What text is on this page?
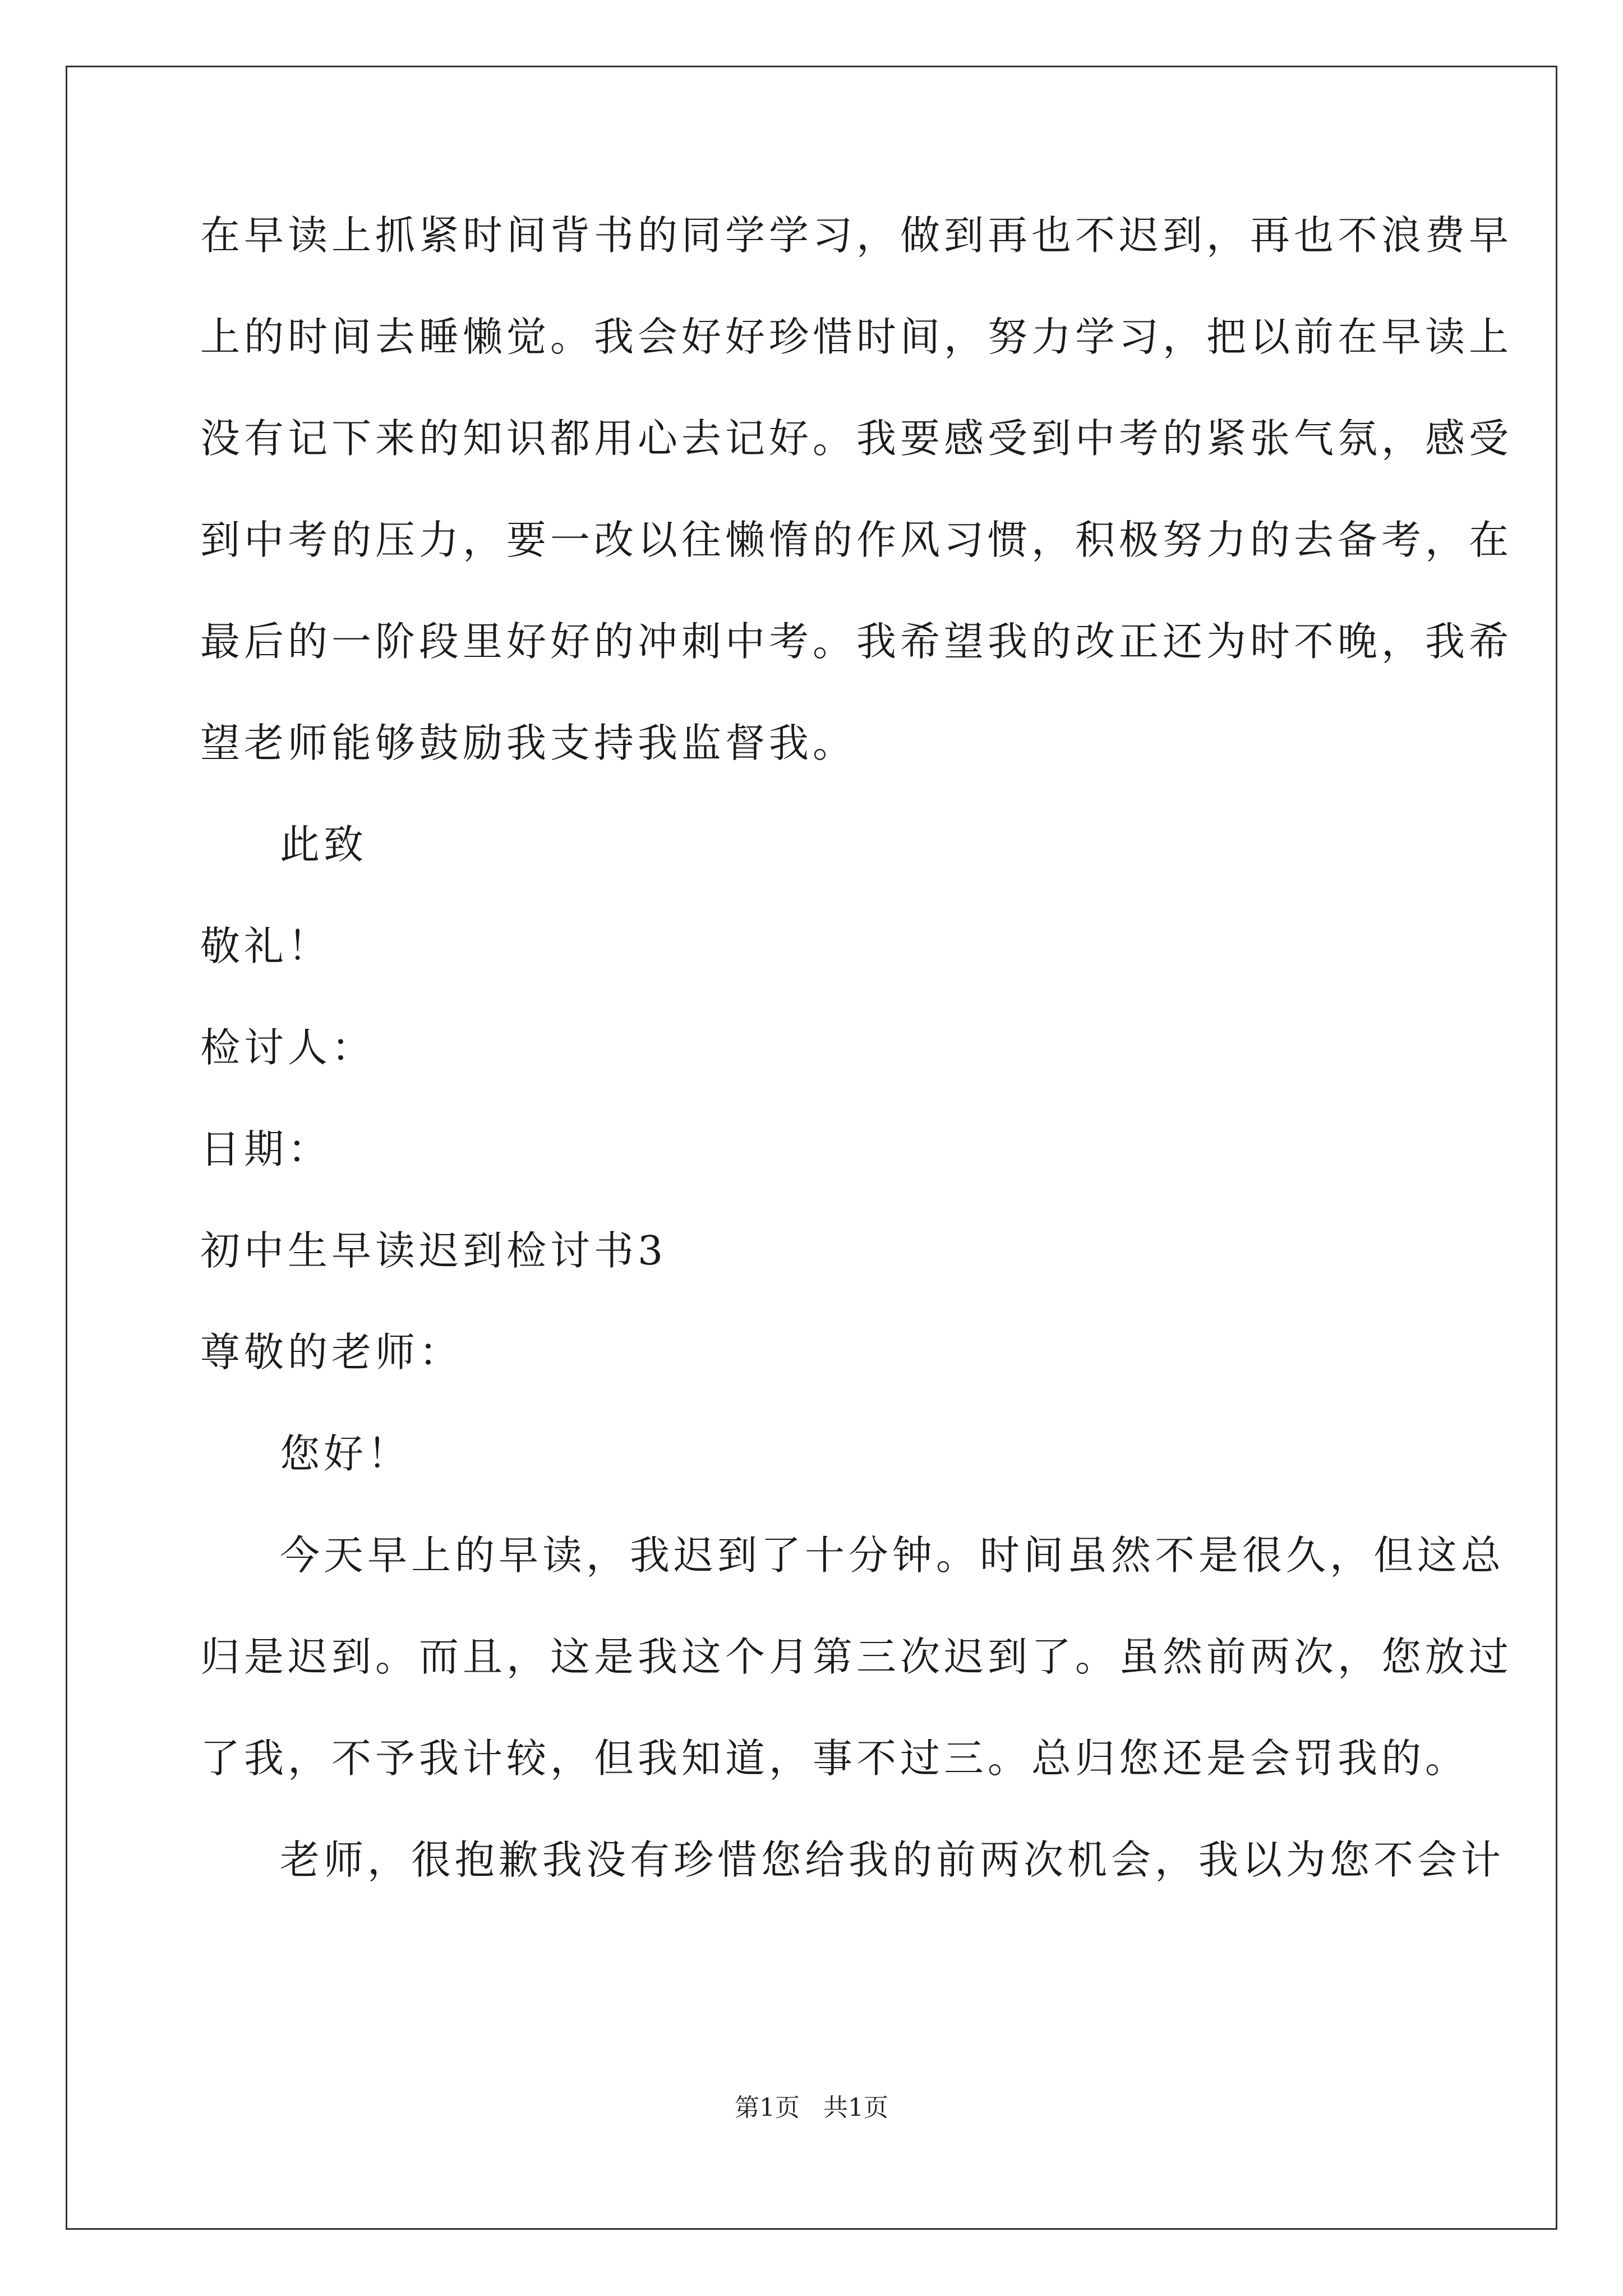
在早读上抓紧时间背书的同学学习，做到再也不迟到，再也不浪费早
上的时间去睡懒觉。我会好好珍惜时间，努力学习，把以前在早读上
没有记下来的知识都用心去记好。我要感受到中考的紧张气氛，感受
到中考的压力，要一改以往懒惰的作风习惯，积极努力的去备考，在
最后的一阶段里好好的冲刺中考。我希望我的改正还为时不晚，我希
望老师能够鼓励我支持我监督我。
此致
敬礼！
检讨人：
日期：
初中生早读迟到检讨书3
尊敬的老师：
您好！
今天早上的早读，我迟到了十分钟。时间虽然不是很久，但这总
归是迟到。而且，这是我这个月第三次迟到了。虽然前两次，您放过
了我，不予我计较，但我知道，事不过三。总归您还是会罚我的。
老师，很抱歉我没有珍惜您给我的前两次机会，我以为您不会计
第1页   共1页
